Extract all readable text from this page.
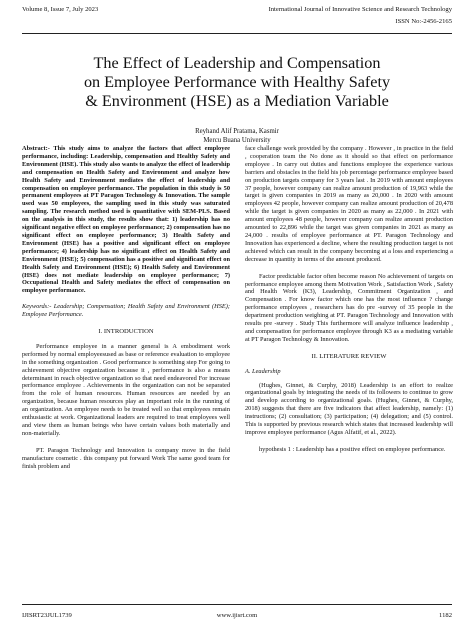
Volume 8, Issue 7, July 2023	International Journal of Innovative Science and Research Technology
ISSN No:-2456-2165
The Effect of Leadership and Compensation
on Employee Performance with Healthy Safety
& Environment (HSE) as a Mediation Variable
Reyhand Alif Pratama, Kasmir
Mercu Buana University

Abstract:- This study aims to analyze the factors that affect employee performance, including: Leadership, compensation and Healthy Safety and Environment (HSE). This study also wants to analyze the effect of leadership and compensation on Health Safety and Environment and analyze how Health Safety and Environment mediates the effect of leadership and compensation on employee performance. The population in this study is 50 permanent employees at PT Paragon Technology & Innovation. The sample used was 50 employees, the sampling used in this study was saturated sampling. The research method used is quantitative with SEM-PLS. Based on the analysis in this study, the results show that: 1) leadership has no significant negative effect on employee performance; 2) compensation has no significant effect on employee performance; 3) Health Safety and Environment (HSE) has a positive and significant effect on employee performance; 4) leadership has no significant effect on Health Safety and Environment (HSE); 5) compensation has a positive and significant effect on Health Safety and Environment (HSE); 6) Health Safety and Environment (HSE) does not mediate leadership on employee performance; 7) Occupational Health and Safety mediates the effect of compensation on employee performance.

Keywords:- Leadership; Compensation; Health Safety and Environment (HSE); Employee Performance.

I. INTRODUCTION

Performance employee in a manner general is A embodiment work performed by normal employeesused as base or reference evaluation to employee in the something organization . Good performance is something step For going to achievement objective organization because it , performance is also a means determinant in reach objective organization so that need endeavored For increase performance employee . Achievements in the organization can not be separated from the role of human resources. Human resources are needed by an organization, because human resources play an important role in the running of an organization. An employee needs to be treated well so that employees remain enthusiastic at work. Organizational leaders are required to treat employees well and view them as human beings who have certain values both materially and non-materially.

PT. Paragon Technology and Innovation is company move in the field manufacture cosmetic . this company put forward Work The same good team for finish problem and

face challenge work provided by the company . However , in practice in the field , cooperation team the No done as it should so that effect on performance employee . In carry out duties and functions employee the experience various barriers and obstacles in the field his job percentage performance employee based on production targets company for 3 years last . In 2019 with amount employees 37 people, however company can realize amount production of 19,963 while the target is given companies in 2019 as many as 20,000 . In 2020 with amount employees 42 people, however company can realize amount production of 20,478 while the target is given companies in 2020 as many as 22,000 . In 2021 with amount employees 48 people, however company can realize amount production amounted to 22,896 while the target was given companies in 2021 as many as 24,000 . results of employee performance at PT. Paragon Technology and Innovation has experienced a decline, where the resulting production target is not achieved which can result in the company becoming at a loss and experiencing a decrease in quantity in terms of the amount produced.

Factor predictable factor often become reason No achievement of targets on performance employee among them Motivation Work , Satisfaction Work , Safety and Health Work (K3), Leadership, Commitment Organization , and Compensation . For know factor which one has the most influence ? change performance employees , researchers has do pre -survey of 35 people in the department production weighing at PT. Paragon Technology and Innovation with results pre -survey . Study This furthermore will analyze influence leadership , and compensation for performance employee through K3 as a mediating variable at PT Paragon Technology & Innovation.

II. LITERATURE REVIEW

A. Leadership

(Hughes, Ginnet, & Curphy, 2018) Leadership is an effort to realize organizational goals by integrating the needs of its followers to continue to grow and develop according to organizational goals. (Hughes, Ginnet, & Curphy, 2018) suggests that there are five indicators that affect leadership, namely: (1) instructions; (2) consultation; (3) participation; (4) delegation; and (5) control. This is supported by previous research which states that increased leadership will improve employee performance (Agus Alfatif, et al., 2022).

hypothesis 1 : Leadership has a positive effect on employee performance.

IJISRT23JUL1739	www.ijisrt.com	1182
